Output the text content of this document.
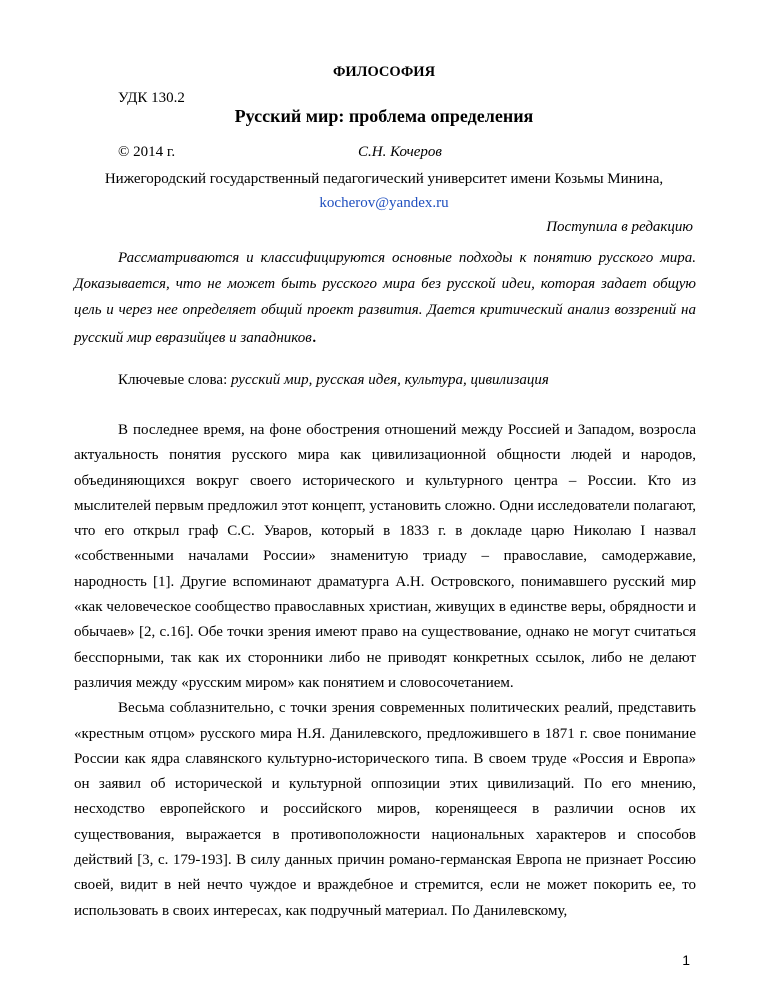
ФИЛОСОФИЯ
УДК 130.2
Русский мир: проблема определения
© 2014 г.	С.Н. Кочеров
Нижегородский государственный педагогический университет имени Козьмы Минина,
kocherov@yandex.ru
Поступила в редакцию

Рассматриваются и классифицируются основные подходы к понятию русского мира. Доказывается, что не может быть русского мира без русской идеи, которая задает общую цель и через нее определяет общий проект развития. Дается критический анализ воззрений на русский мир евразийцев и западников.

Ключевые слова: русский мир, русская идея, культура, цивилизация

В последнее время, на фоне обострения отношений между Россией и Западом, возросла актуальность понятия русского мира как цивилизационной общности людей и народов, объединяющихся вокруг своего исторического и культурного центра – России. Кто из мыслителей первым предложил этот концепт, установить сложно. Одни исследователи полагают, что его открыл граф С.С. Уваров, который в 1833 г. в докладе царю Николаю I назвал «собственными началами России» знаменитую триаду – православие, самодержавие, народность [1]. Другие вспоминают драматурга А.Н. Островского, понимавшего русский мир «как человеческое сообщество православных христиан, живущих в единстве веры, обрядности и обычаев» [2, с.16]. Обе точки зрения имеют право на существование, однако не могут считаться бесспорными, так как их сторонники либо не приводят конкретных ссылок, либо не делают различия между «русским миром» как понятием и словосочетанием.

Весьма соблазнительно, с точки зрения современных политических реалий, представить «крестным отцом» русского мира Н.Я. Данилевского, предложившего в 1871 г. свое понимание России как ядра славянского культурно-исторического типа. В своем труде «Россия и Европа» он заявил об исторической и культурной оппозиции этих цивилизаций. По его мнению, несходство европейского и российского миров, коренящееся в различии основ их существования, выражается в противоположности национальных характеров и способов действий [3, с. 179-193]. В силу данных причин романо-германская Европа не признает Россию своей, видит в ней нечто чуждое и враждебное и стремится, если не может покорить ее, то использовать в своих интересах, как подручный материал. По Данилевскому,

1
